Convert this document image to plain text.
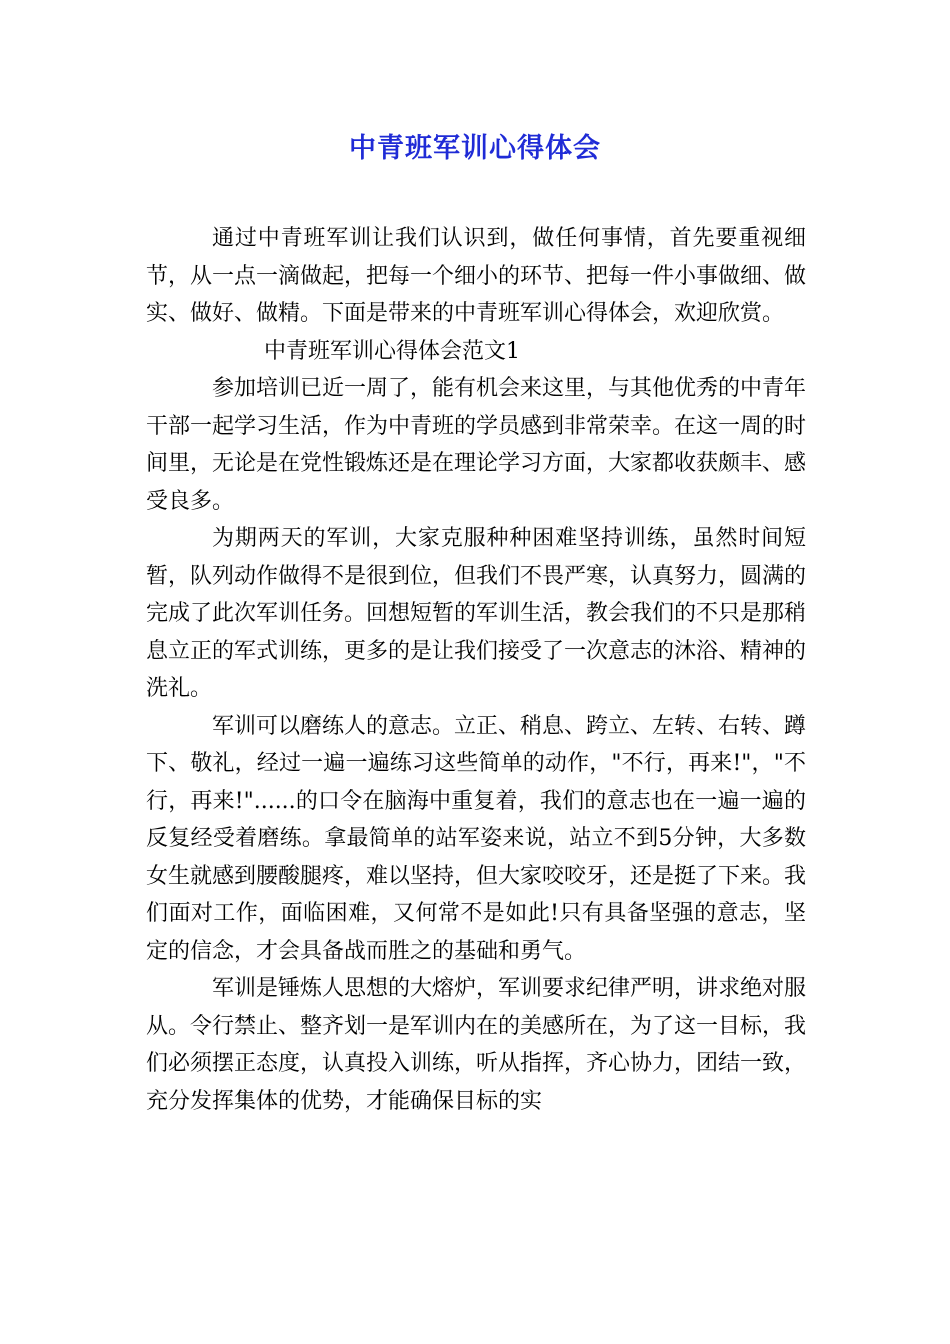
中青班军训心得体会

通过中青班军训让我们认识到，做任何事情，首先要重视细节，从一点一滴做起，把每一个细小的环节、把每一件小事做细、做实、做好、做精。下面是带来的中青班军训心得体会，欢迎欣赏。

中青班军训心得体会范文1

参加培训已近一周了，能有机会来这里，与其他优秀的中青年干部一起学习生活，作为中青班的学员感到非常荣幸。在这一周的时间里，无论是在党性锻炼还是在理论学习方面，大家都收获颇丰、感受良多。

为期两天的军训，大家克服种种困难坚持训练，虽然时间短暂，队列动作做得不是很到位，但我们不畏严寒，认真努力，圆满的完成了此次军训任务。回想短暂的军训生活，教会我们的不只是那稍息立正的军式训练，更多的是让我们接受了一次意志的沐浴、精神的洗礼。

军训可以磨练人的意志。立正、稍息、跨立、左转、右转、蹲下、敬礼，经过一遍一遍练习这些简单的动作，"不行，再来!"，"不行，再来!"......的口令在脑海中重复着，我们的意志也在一遍一遍的反复经受着磨练。拿最简单的站军姿来说，站立不到5分钟，大多数女生就感到腰酸腿疼，难以坚持，但大家咬咬牙，还是挺了下来。我们面对工作，面临困难，又何常不是如此!只有具备坚强的意志，坚定的信念，才会具备战而胜之的基础和勇气。

军训是锤炼人思想的大熔炉，军训要求纪律严明，讲求绝对服从。令行禁止、整齐划一是军训内在的美感所在，为了这一目标，我们必须摆正态度，认真投入训练，听从指挥，齐心协力，团结一致，充分发挥集体的优势，才能确保目标的实
